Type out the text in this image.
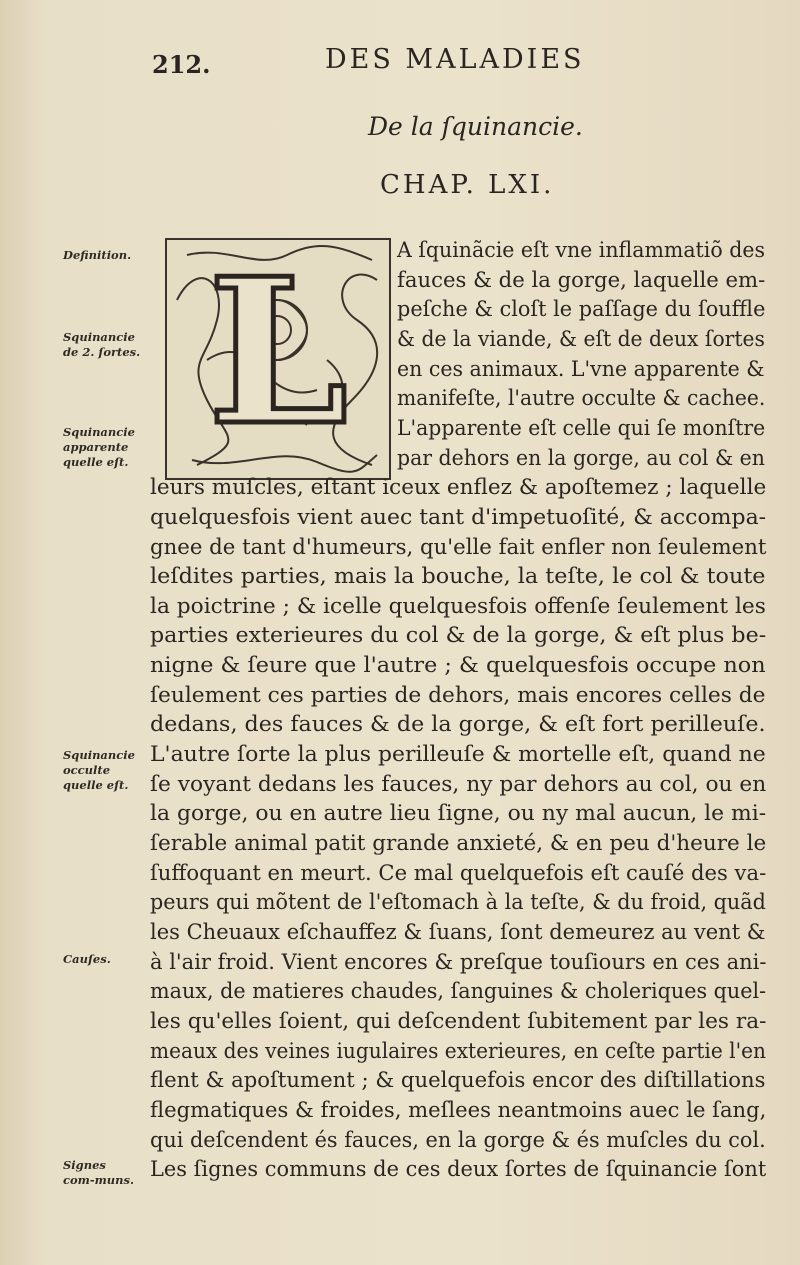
212.	DES MALADIES
De la ſquinancie.
CHAP. LXI.
Definition.
Squinancie de 2. ſortes.
Squinancie apparente quelle eſt.
Squinancie occulte quelle eſt.
Cauſes.
Signes com-muns.
L A ſquinãcie eſt vne inflammatiõ des
fauces & de la gorge, laquelle em-
peſche & cloſt le paſſage du ſouffle
& de la viande, & eſt de deux ſortes
en ces animaux. L'vne apparente &
manifeſte, l'autre occulte & cachee.
L'apparente eſt celle qui ſe monſtre
par dehors en la gorge, au col & en
leurs muſcles, eſtant iceux enflez & apoſtemez ; laquelle
quelquesfois vient auec tant d'impetuoſité, & accompa-
gnee de tant d'humeurs, qu'elle fait enfler non ſeulement
leſdites parties, mais la bouche, la teſte, le col & toute
la poictrine ; & icelle quelquesfois offenſe ſeulement les
parties exterieures du col & de la gorge, & eſt plus be-
nigne & ſeure que l'autre ; & quelquesfois occupe non
ſeulement ces parties de dehors, mais encores celles de
dedans, des fauces & de la gorge, & eſt fort perilleuſe.
L'autre ſorte la plus perilleuſe & mortelle eſt, quand ne
ſe voyant dedans les fauces, ny par dehors au col, ou en
la gorge, ou en autre lieu ſigne, ou ny mal aucun, le mi-
ſerable animal patit grande anxieté, & en peu d'heure le
ſuffoquant en meurt. Ce mal quelquefois eſt cauſé des va-
peurs qui mõtent de l'eſtomach à la teſte, & du froid, quãd
les Cheuaux eſchauffez & ſuans, ſont demeurez au vent &
à l'air froid. Vient encores & preſque touſiours en ces ani-
maux, de matieres chaudes, ſanguines & choleriques quel-
les qu'elles ſoient, qui deſcendent ſubitement par les ra-
meaux des veines iugulaires exterieures, en ceſte partie l'en
flent & apoſtument ; & quelquefois encor des diſtillations
flegmatiques & froides, meſlees neantmoins auec le ſang,
qui deſcendent és fauces, en la gorge & és muſcles du col.
Les ſignes communs de ces deux ſortes de ſquinancie ſont
